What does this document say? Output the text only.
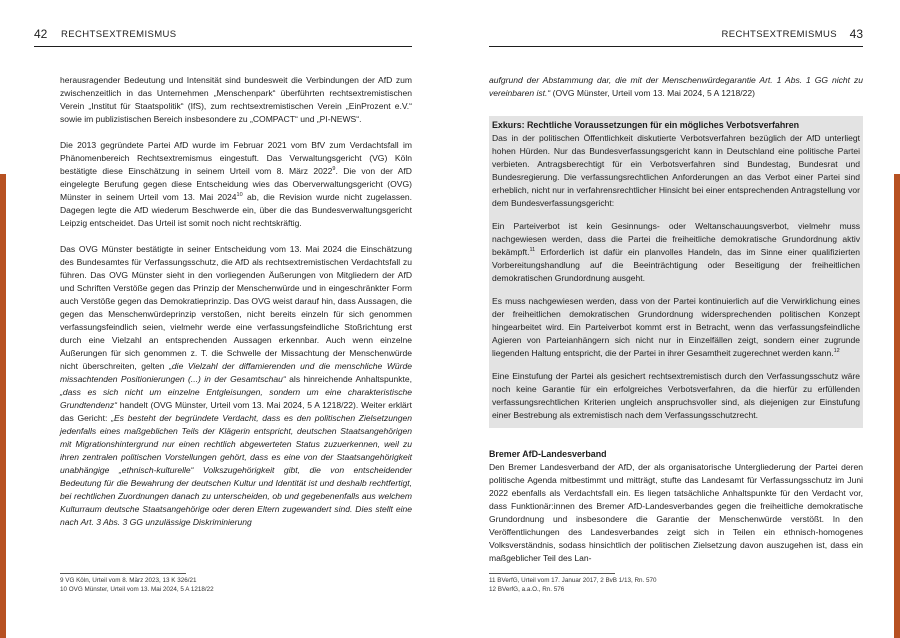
42 RECHTSEXTREMISMUS

herausragender Bedeutung und Intensität sind bundesweit die Verbindungen der AfD zum zwischenzeitlich in das Unternehmen „Menschenpark“ überführten rechtsextremistischen Verein „Institut für Staatspolitik“ (IfS), zum rechtsextremistischen Verein „EinProzent e.V.“ sowie im publizistischen Bereich insbesondere zu „COMPACT“ und „PI-NEWS“.

Die 2013 gegründete Partei AfD wurde im Februar 2021 vom BfV zum Verdachtsfall im Phänomenbereich Rechtsextremismus eingestuft. Das Verwaltungsgericht (VG) Köln bestätigte diese Einschätzung in seinem Urteil vom 8. März 2022$^9$. Die von der AfD eingelegte Berufung gegen diese Entscheidung wies das Oberverwaltungsgericht (OVG) Münster in seinem Urteil vom 13. Mai 2024$^{10}$ ab, die Revision wurde nicht zugelassen. Dagegen legte die AfD wiederum Beschwerde ein, über die das Bundesverwaltungsgericht Leipzig entscheidet. Das Urteil ist somit noch nicht rechtskräftig.

Das OVG Münster bestätigte in seiner Entscheidung vom 13. Mai 2024 die Einschätzung des Bundesamtes für Verfassungsschutz, die AfD als rechtsextremistischen Verdachtsfall zu führen. Das OVG Münster sieht in den vorliegenden Äußerungen von Mitgliedern der AfD und Schriften Verstöße gegen das Prinzip der Menschenwürde und in eingeschränkter Form auch Verstöße gegen das Demokratieprinzip. Das OVG weist darauf hin, dass Aussagen, die gegen das Menschenwürdeprinzip verstoßen, nicht bereits einzeln für sich genommen verfassungsfeindlich seien, vielmehr werde eine verfassungsfeindliche Stoßrichtung erst durch eine Vielzahl an entsprechenden Aussagen erkennbar. Auch wenn einzelne Äußerungen für sich genommen z. T. die Schwelle der Missachtung der Menschenwürde nicht überschreiten, gelten „die Vielzahl der diffamierenden und die menschliche Würde missachtenden Positionierungen (...) in der Gesamtschau“ als hinreichende Anhaltspunkte, „dass es sich nicht um einzelne Entgleisungen, sondern um eine charakteristische Grundtendenz“ handelt (OVG Münster, Urteil vom 13. Mai 2024, 5 A 1218/22). Weiter erklärt das Gericht: „Es besteht der begründete Verdacht, dass es den politischen Zielsetzungen jedenfalls eines maßgeblichen Teils der Klägerin entspricht, deutschen Staatsangehörigen mit Migrationshintergrund nur einen rechtlich abgewerteten Status zuzuerkennen, weil zu ihren zentralen politischen Vorstellungen gehört, dass es eine von der Staatsangehörigkeit unabhängige „ethnisch-kulturelle“ Volkszugehörigkeit gibt, die von entscheidender Bedeutung für die Bewahrung der deutschen Kultur und Identität ist und deshalb rechtfertigt, bei rechtlichen Zuordnungen danach zu unterscheiden, ob und gegebenenfalls aus welchem Kulturraum deutsche Staatsangehörige oder deren Eltern zugewandert sind. Dies stellt eine nach Art. 3 Abs. 3 GG unzulässige Diskriminierung

9 VG Köln, Urteil vom 8. März 2023, 13 K 326/21
10 OVG Münster, Urteil vom 13. Mai 2024, 5 A 1218/22
RECHTSEXTREMISMUS 43

aufgrund der Abstammung dar, die mit der Menschenwürdegarantie Art. 1 Abs. 1 GG nicht zu vereinbaren ist.“ (OVG Münster, Urteil vom 13. Mai 2024, 5 A 1218/22)

Exkurs: Rechtliche Voraussetzungen für ein mögliches Verbotsverfahren

Das in der politischen Öffentlichkeit diskutierte Verbotsverfahren bezüglich der AfD unterliegt hohen Hürden. Nur das Bundesverfassungsgericht kann in Deutschland eine politische Partei verbieten. Antragsberechtigt für ein Verbotsverfahren sind Bundestag, Bundesrat und Bundesregierung. Die verfassungsrechtlichen Anforderungen an das Verbot einer Partei sind erheblich, nicht nur in verfahrensrechtlicher Hinsicht bei einer entsprechenden Antragstellung vor dem Bundesverfassungsgericht:

Ein Parteiverbot ist kein Gesinnungs- oder Weltanschauungsverbot, vielmehr muss nachgewiesen werden, dass die Partei die freiheitliche demokratische Grundordnung aktiv bekämpft.$^{11}$ Erforderlich ist dafür ein planvolles Handeln, das im Sinne einer qualifizierten Vorbereitungshandlung auf die Beeinträchtigung oder Beseitigung der freiheitlichen demokratischen Grundordnung ausgeht.

Es muss nachgewiesen werden, dass von der Partei kontinuierlich auf die Verwirklichung eines der freiheitlichen demokratischen Grundordnung widersprechenden politischen Konzept hingearbeitet wird. Ein Parteiverbot kommt erst in Betracht, wenn das verfassungsfeindliche Agieren von Parteianhängern sich nicht nur in Einzelfällen zeigt, sondern einer zugrunde liegenden Haltung entspricht, die der Partei in ihrer Gesamtheit zugerechnet werden kann.$^{12}$

Eine Einstufung der Partei als gesichert rechtsextremistisch durch den Verfassungsschutz wäre noch keine Garantie für ein erfolgreiches Verbotsverfahren, da die hierfür zu erfüllenden verfassungsrechtlichen Kriterien ungleich anspruchsvoller sind, als diejenigen zur Einstufung einer Bestrebung als extremistisch nach dem Verfassungsschutzrecht.

Bremer AfD-Landesverband

Den Bremer Landesverband der AfD, der als organisatorische Untergliederung der Partei deren politische Agenda mitbestimmt und mitträgt, stufte das Landesamt für Verfassungsschutz im Juni 2022 ebenfalls als Verdachtsfall ein. Es liegen tatsächliche Anhaltspunkte für den Verdacht vor, dass Funktionär:innen des Bremer AfD-Landesverbandes gegen die freiheitliche demokratische Grundordnung und insbesondere die Garantie der Menschenwürde verstößt. In den Veröffentlichungen des Landesverbandes zeigt sich in Teilen ein ethnisch-homogenes Volksverständnis, sodass hinsichtlich der politischen Zielsetzung davon auszugehen ist, dass ein maßgeblicher Teil des Lan-

11 BVerfG, Urteil vom 17. Januar 2017, 2 BvB 1/13, Rn. 570
12 BVerfG, a.a.O., Rn. 576
